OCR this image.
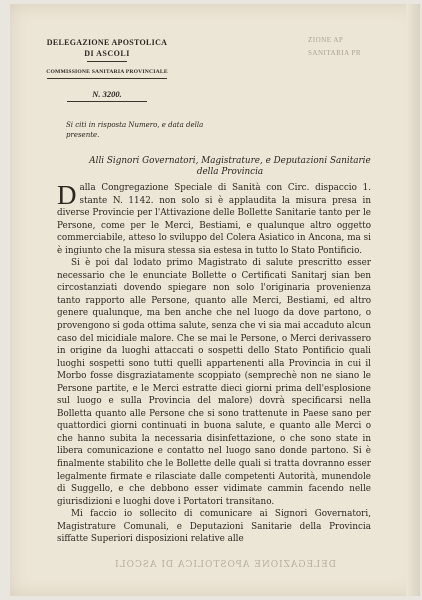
ZIONE AP
SANITARIA PR
DELEGAZIONE APOSTOLICA
DI ASCOLI
COMMISSIONE SANITARIA PROVINCIALE
N. 3200.
Si citi in risposta Numero, e data della presente.
Alli Signori Governatori, Magistrature, e Deputazioni Sanitarie
della Provincia

Dalla Congregazione Speciale di Sanità con Circ. dispaccio 1. stante N. 1142. non solo si è applaudita la misura presa in diverse Provincie per l'Attivazione delle Bollette Sanitarie tanto per le Persone, come per le Merci, Bestiami, e qualunque altro oggetto commerciabile, atteso lo sviluppo del Colera Asiatico in Ancona, ma si è ingiunto che la misura stessa sia estesa in tutto lo Stato Pontificio.

Si è poi dal lodato primo Magistrato di salute prescritto esser necessario che le enunciate Bollette o Certificati Sanitarj sian ben circostanziati dovendo spiegare non solo l'originaria provenienza tanto rapporto alle Persone, quanto alle Merci, Bestiami, ed altro genere qualunque, ma ben anche che nel luogo da dove partono, o provengono si goda ottima salute, senza che vi sia mai accaduto alcun caso del micidiale malore. Che se mai le Persone, o Merci derivassero in origine da luoghi attaccati o sospetti dello Stato Pontificio quali luoghi sospetti sono tutti quelli appartenenti alla Provincia in cui il Morbo fosse disgraziatamente scoppiato (semprechè non ne siano le Persone partite, e le Merci estratte dieci giorni prima dell'esplosione sul luogo e sulla Provincia del malore) dovrà specificarsi nella Bolletta quanto alle Persone che si sono trattenute in Paese sano per quattordici giorni continuati in buona salute, e quanto alle Merci o che hanno subita la necessaria disinfettazione, o che sono state in libera comunicazione e contatto nel luogo sano donde partono. Si è finalmente stabilito che le Bollette delle quali si tratta dovranno esser legalmente firmate e rilasciate dalle competenti Autorità, munendole di Suggello, e che debbono esser vidimate cammin facendo nelle giurisdizioni e luoghi dove i Portatori transitano.

Mi faccio io sollecito di comunicare ai Signori Governatori, Magistrature Comunali, e Deputazioni Sanitarie della Provincia siffatte Superiori disposizioni relative alle

DELEGAZIONE APOSTOLICA DI ASCOLI
